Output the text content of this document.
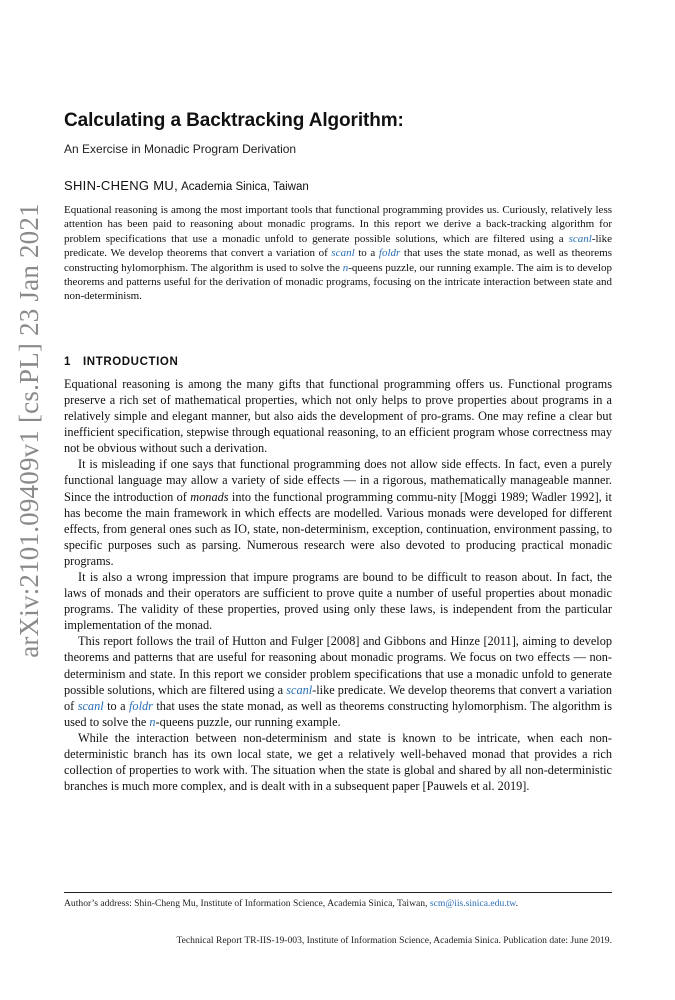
arXiv:2101.09409v1 [cs.PL] 23 Jan 2021
Calculating a Backtracking Algorithm:
An Exercise in Monadic Program Derivation
SHIN-CHENG MU, Academia Sinica, Taiwan

Equational reasoning is among the most important tools that functional programming provides us. Curiously, relatively less attention has been paid to reasoning about monadic programs. In this report we derive a back-tracking algorithm for problem specifications that use a monadic unfold to generate possible solutions, which are filtered using a scanl-like predicate. We develop theorems that convert a variation of scanl to a foldr that uses the state monad, as well as theorems constructing hylomorphism. The algorithm is used to solve the n-queens puzzle, our running example. The aim is to develop theorems and patterns useful for the derivation of monadic programs, focusing on the intricate interaction between state and non-determinism.

1 INTRODUCTION

Equational reasoning is among the many gifts that functional programming offers us. Functional programs preserve a rich set of mathematical properties, which not only helps to prove properties about programs in a relatively simple and elegant manner, but also aids the development of pro-grams. One may refine a clear but inefficient specification, stepwise through equational reasoning, to an efficient program whose correctness may not be obvious without such a derivation.

It is misleading if one says that functional programming does not allow side effects. In fact, even a purely functional language may allow a variety of side effects — in a rigorous, mathematically manageable manner. Since the introduction of monads into the functional programming commu-nity [Moggi 1989; Wadler 1992], it has become the main framework in which effects are modelled. Various monads were developed for different effects, from general ones such as IO, state, non-determinism, exception, continuation, environment passing, to specific purposes such as parsing. Numerous research were also devoted to producing practical monadic programs.

It is also a wrong impression that impure programs are bound to be difficult to reason about. In fact, the laws of monads and their operators are sufficient to prove quite a number of useful properties about monadic programs. The validity of these properties, proved using only these laws, is independent from the particular implementation of the monad.

This report follows the trail of Hutton and Fulger [2008] and Gibbons and Hinze [2011], aiming to develop theorems and patterns that are useful for reasoning about monadic programs. We focus on two effects — non-determinism and state. In this report we consider problem specifications that use a monadic unfold to generate possible solutions, which are filtered using a scanl-like predicate. We develop theorems that convert a variation of scanl to a foldr that uses the state monad, as well as theorems constructing hylomorphism. The algorithm is used to solve the n-queens puzzle, our running example.

While the interaction between non-determinism and state is known to be intricate, when each non-deterministic branch has its own local state, we get a relatively well-behaved monad that provides a rich collection of properties to work with. The situation when the state is global and shared by all non-deterministic branches is much more complex, and is dealt with in a subsequent paper [Pauwels et al. 2019].

Author’s address: Shin-Cheng Mu, Institute of Information Science, Academia Sinica, Taiwan, scm@iis.sinica.edu.tw.
Technical Report TR-IIS-19-003, Institute of Information Science, Academia Sinica. Publication date: June 2019.
